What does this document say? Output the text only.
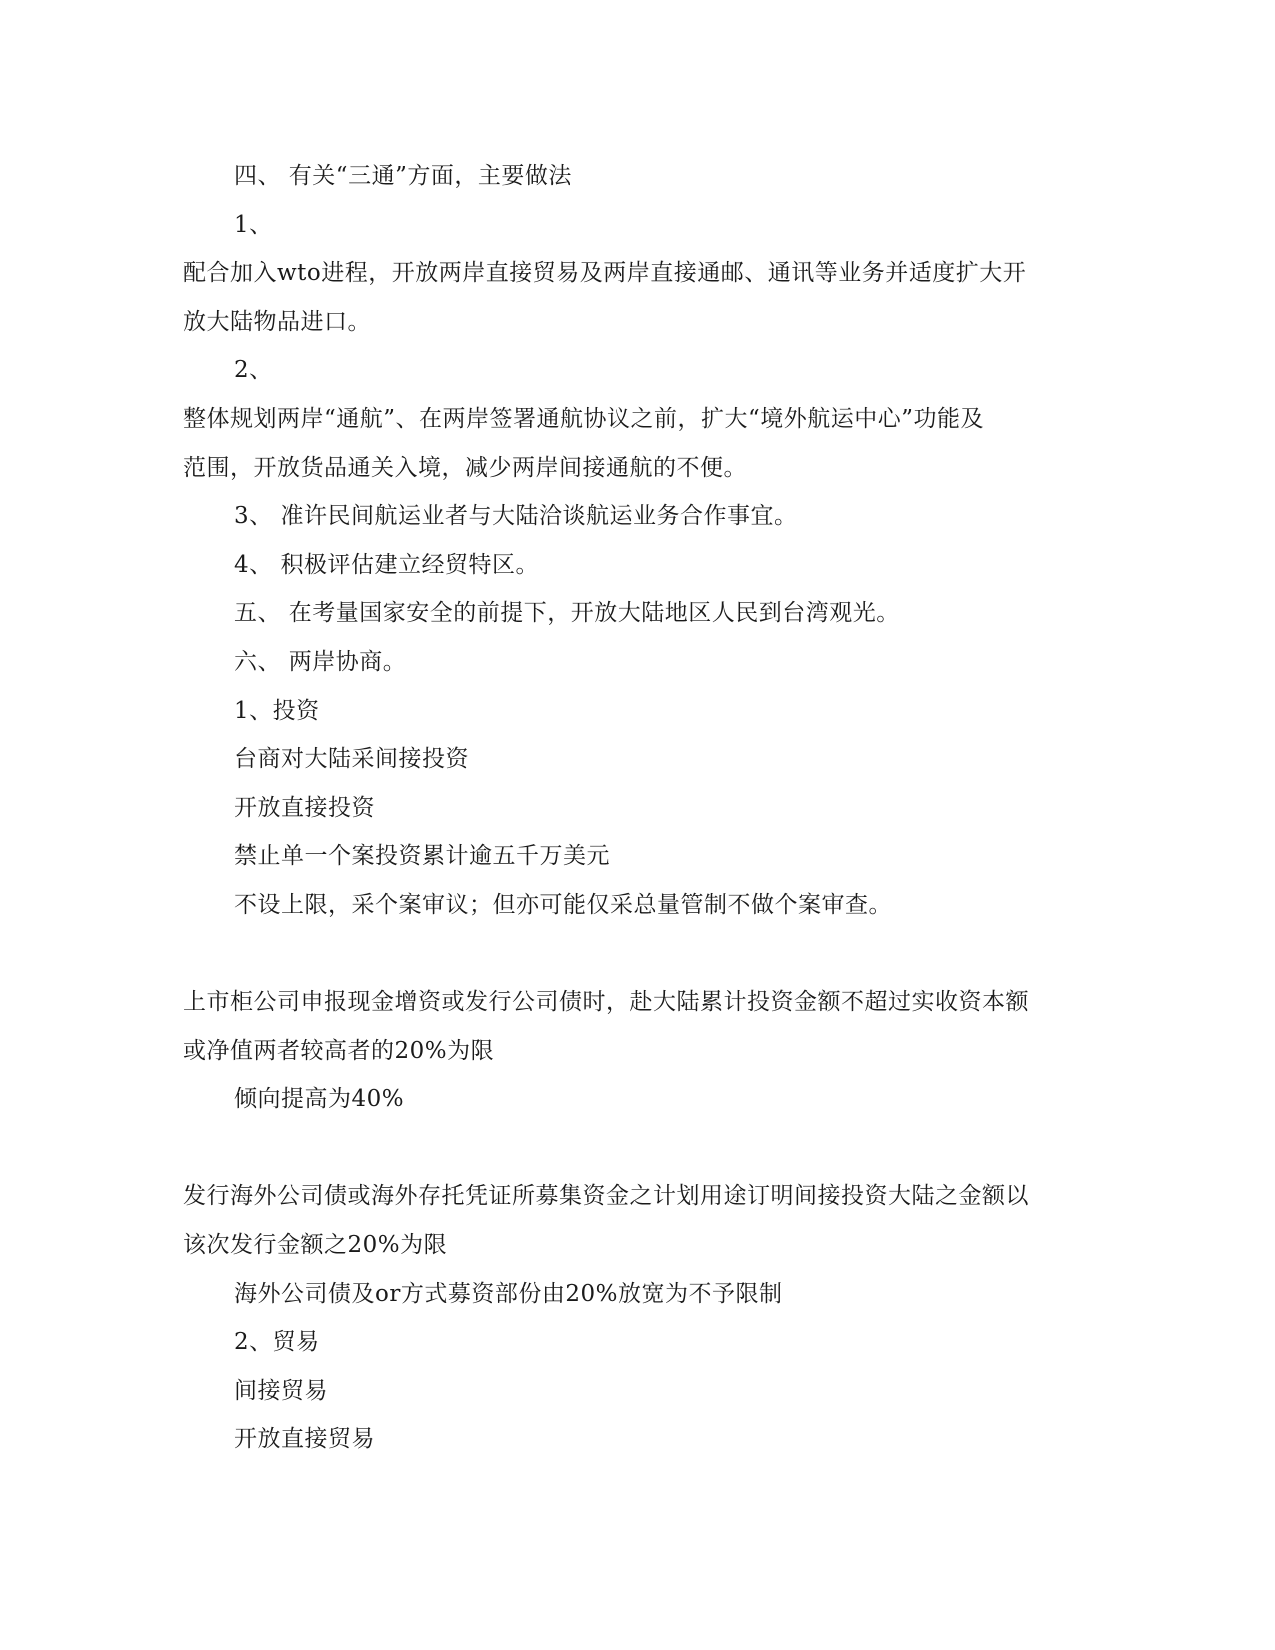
四、 有关“三通”方面，主要做法
1、
配合加入wto进程，开放两岸直接贸易及两岸直接通邮、通讯等业务并适度扩大开
放大陆物品进口。
2、
整体规划两岸“通航”、在两岸签署通航协议之前，扩大“境外航运中心”功能及
范围，开放货品通关入境，减少两岸间接通航的不便。
3、 准许民间航运业者与大陆洽谈航运业务合作事宜。
4、 积极评估建立经贸特区。
五、 在考量国家安全的前提下，开放大陆地区人民到台湾观光。
六、 两岸协商。
1、投资
台商对大陆采间接投资
开放直接投资
禁止单一个案投资累计逾五千万美元
不设上限，采个案审议；但亦可能仅采总量管制不做个案审查。
上市柜公司申报现金增资或发行公司债时，赴大陆累计投资金额不超过实收资本额
或净值两者较高者的20%为限
倾向提高为40%
发行海外公司债或海外存托凭证所募集资金之计划用途订明间接投资大陆之金额以
该次发行金额之20%为限
海外公司债及or方式募资部份由20%放宽为不予限制
2、贸易
间接贸易
开放直接贸易
